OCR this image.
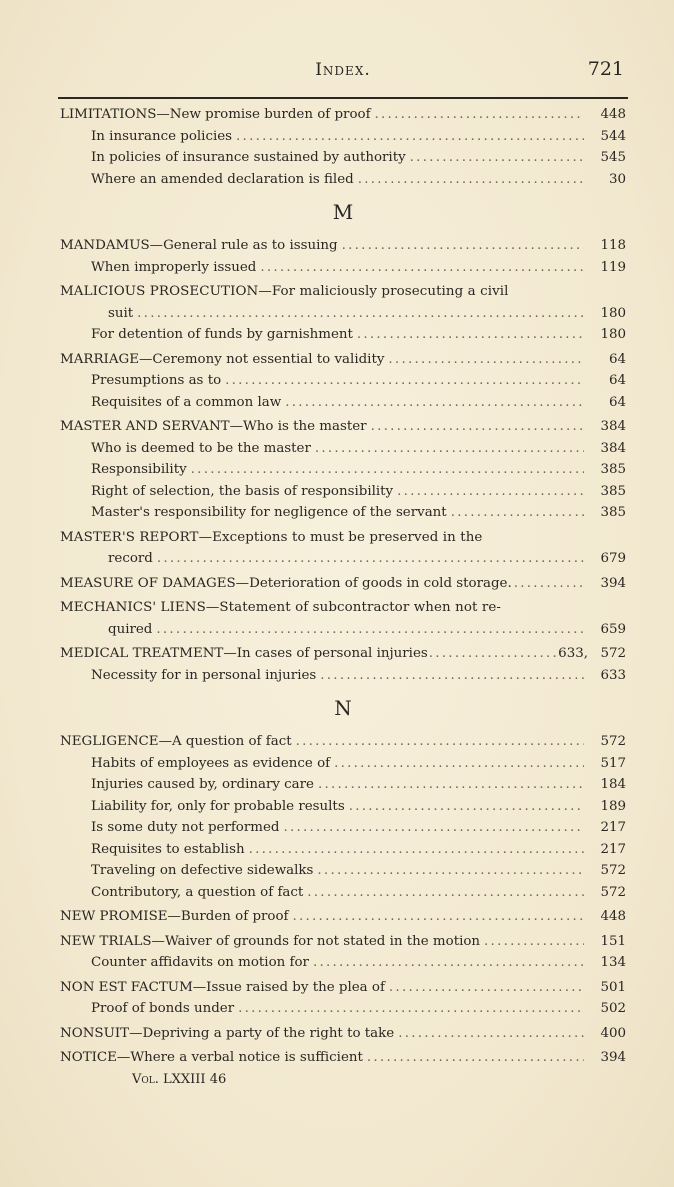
Index.	721
LIMITATIONS—New promise burden of proof . . .	448
In insurance policies . . .	544
In policies of insurance sustained by authority . . .	545
Where an amended declaration is filed . . .	30
M
MANDAMUS—General rule as to issuing . . .	118
When improperly issued . . .	119
MALICIOUS PROSECUTION—For maliciously prosecuting a civil
suit . . .	180
For detention of funds by garnishment . . .	180
MARRIAGE—Ceremony not essential to validity . . .	64
Presumptions as to . . .	64
Requisites of a common law . . .	64
MASTER AND SERVANT—Who is the master . . .	384
Who is deemed to be the master . . .	384
Responsibility . . .	385
Right of selection, the basis of responsibility . . .	385
Master's responsibility for negligence of the servant . . .	385
MASTER'S REPORT—Exceptions to must be preserved in the
record . . .	679
MEASURE OF DAMAGES—Deterioration of goods in cold storage. . . .	394
MECHANICS' LIENS—Statement of subcontractor when not re-
quired . . .	659
MEDICAL TREATMENT—In cases of personal injuries . . .	633, 572
Necessity for in personal injuries . . .	633
N
NEGLIGENCE—A question of fact . . .	572
Habits of employees as evidence of . . .	517
Injuries caused by, ordinary care . . .	184
Liability for, only for probable results . . .	189
Is some duty not performed . . .	217
Requisites to establish . . .	217
Traveling on defective sidewalks . . .	572
Contributory, a question of fact . . .	572
NEW PROMISE—Burden of proof . . .	448
NEW TRIALS—Waiver of grounds for not stated in the motion . . .	151
Counter affidavits on motion for . . .	134
NON EST FACTUM—Issue raised by the plea of . . .	501
Proof of bonds under . . .	502
NONSUIT—Depriving a party of the right to take . . .	400
NOTICE—Where a verbal notice is sufficient . . .	394
Vol. LXXIII 46
